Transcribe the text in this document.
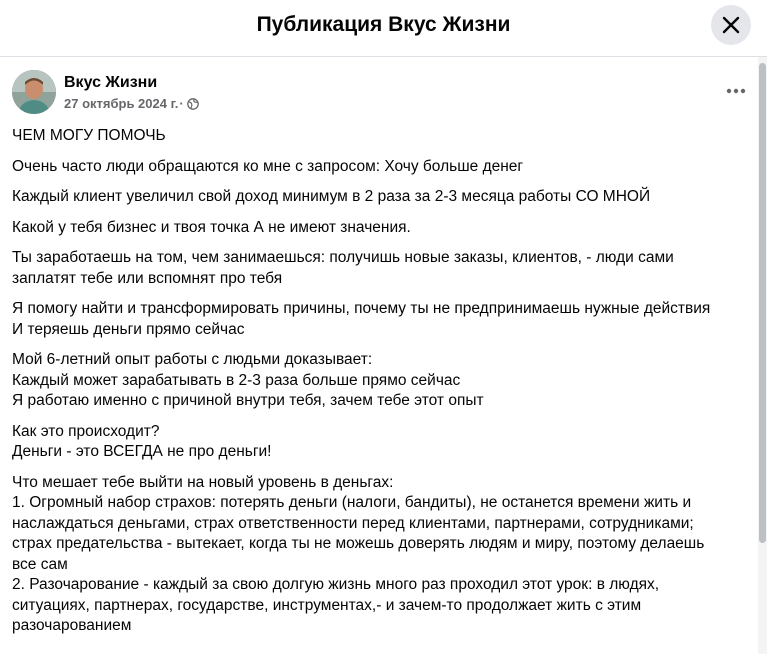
Публикация Вкус Жизни
Вкус Жизни
27 октябрь 2024 г. ·
ЧЕМ МОГУ ПОМОЧЬ
Очень часто люди обращаются ко мне с запросом: Хочу больше денег
Каждый клиент увеличил свой доход минимум в 2 раза за 2-3 месяца работы СО МНОЙ
Какой у тебя бизнес и твоя точка А не имеют значения.
Ты заработаешь на том, чем занимаешься: получишь новые заказы, клиентов, - люди сами
заплатят тебе или вспомнят про тебя
Я помогу найти и трансформировать причины, почему ты не предпринимаешь нужные действия
И теряешь деньги прямо сейчас
Мой 6-летний опыт работы с людьми доказывает:
Каждый может зарабатывать в 2-3 раза больше прямо сейчас
Я работаю именно с причиной внутри тебя, зачем тебе этот опыт
Как это происходит?
Деньги - это ВСЕГДА не про деньги!
Что мешает тебе выйти на новый уровень в деньгах:
1. Огромный набор страхов: потерять деньги (налоги, бандиты), не останется времени жить и
наслаждаться деньгами, страх ответственности перед клиентами, партнерами, сотрудниками;
страх предательства - вытекает, когда ты не можешь доверять людям и миру, поэтому делаешь
все сам
2. Разочарование - каждый за свою долгую жизнь много раз проходил этот урок: в людях,
ситуациях, партнерах, государстве, инструментах,- и зачем-то продолжает жить с этим
разочарованием
